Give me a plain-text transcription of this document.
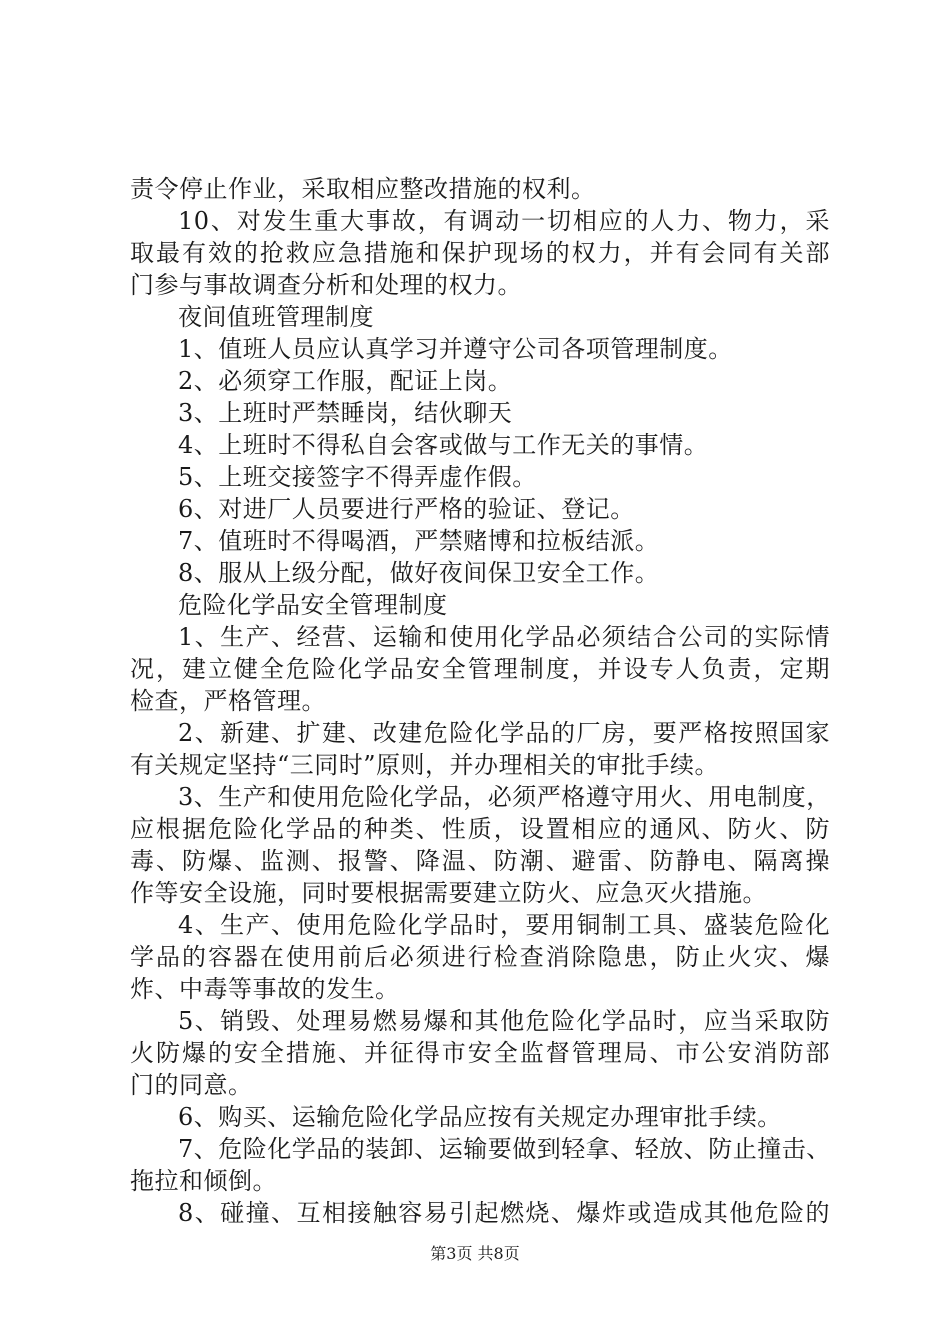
责令停止作业，采取相应整改措施的权利。
10、对发生重大事故，有调动一切相应的人力、物力，采
取最有效的抢救应急措施和保护现场的权力，并有会同有关部
门参与事故调查分析和处理的权力。
夜间值班管理制度
1、值班人员应认真学习并遵守公司各项管理制度。
2、必须穿工作服，配证上岗。
3、上班时严禁睡岗，结伙聊天
4、上班时不得私自会客或做与工作无关的事情。
5、上班交接签字不得弄虚作假。
6、对进厂人员要进行严格的验证、登记。
7、值班时不得喝酒，严禁赌博和拉板结派。
8、服从上级分配，做好夜间保卫安全工作。
危险化学品安全管理制度
1、生产、经营、运输和使用化学品必须结合公司的实际情
况，建立健全危险化学品安全管理制度，并设专人负责，定期
检查，严格管理。
2、新建、扩建、改建危险化学品的厂房，要严格按照国家
有关规定坚持“三同时”原则，并办理相关的审批手续。
3、生产和使用危险化学品，必须严格遵守用火、用电制度，
应根据危险化学品的种类、性质，设置相应的通风、防火、防
毒、防爆、监测、报警、降温、防潮、避雷、防静电、隔离操
作等安全设施，同时要根据需要建立防火、应急灭火措施。
4、生产、使用危险化学品时，要用铜制工具、盛装危险化
学品的容器在使用前后必须进行检查消除隐患，防止火灾、爆
炸、中毒等事故的发生。
5、销毁、处理易燃易爆和其他危险化学品时，应当采取防
火防爆的安全措施、并征得市安全监督管理局、市公安消防部
门的同意。
6、购买、运输危险化学品应按有关规定办理审批手续。
7、危险化学品的装卸、运输要做到轻拿、轻放、防止撞击、
拖拉和倾倒。
8、碰撞、互相接触容易引起燃烧、爆炸或造成其他危险的
第3页 共8页
